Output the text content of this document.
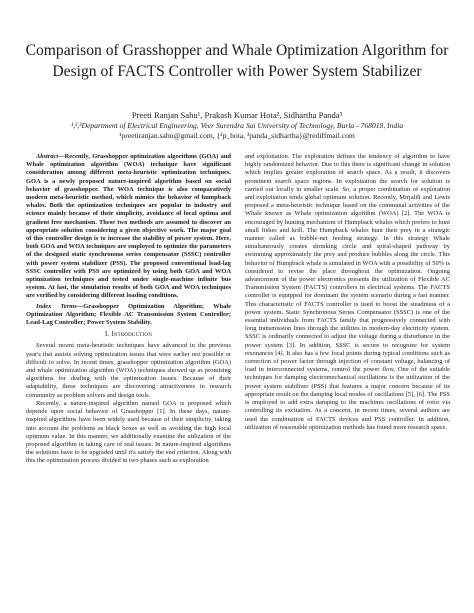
Comparison of Grasshopper and Whale Optimization Algorithm for Design of FACTS Controller with Power System Stabilizer
Preeti Ranjan Sahu¹, Prakash Kumar Hota², Sidhartha Panda³
¹,²,³Department of Electrical Engineering, Veer Surendra Sai University of Technology, Burla - 768018, India
¹preetiranjan.sahu@gmail.com, {²p_hota, ³panda_sidhartha}@rediffmail.com

Abstract—Recently, Grasshopper optimization algorithms (GOA) and Whale optimization algorithm (WOA) technique have significant consideration among different meta-heuristic optimization techniques. GOA is a newly proposed nature-inspired algorithm based on social behavior of grasshopper. The WOA technique is also comparatively modern meta-heuristic method, which mimics the behavior of humpback whales. Both the optimization techniques are popular in industry and science mainly because of their simplicity, avoidance of local optima and gradient free mechanism. These two methods are assumed to discover an appropriate solution considering a given objective work. The major goal of this controller design is to increase the stability of power system. Here, both GOA and WOA techniques are employed to optimize the parameters of the designed static synchronous series compensator (SSSC) controller with power system stabilizer (PSS). The proposed conventional lead-lag SSSC controller with PSS are optimized by using both GOA and WOA optimization techniques and tested under single-machine infinite bus system. At last, the simulation results of both GOA and WOA techniques are verified by considering different loading conditions.

Index Terms—Grasshopper Optimization Algorithm; Whale Optimization Algorithm; Flexible AC Transmission System Controller; Lead-Lag Controller; Power System Stability.

I. Introduction

Several recent meta-heuristic techniques have advanced in the previous year's that assists solving optimization issues that were earlier not possible or difficult to solve. In recent times, grasshopper optimization algorithm (GOA) and whale optimization algorithm (WOA) techniques showed up as promising algorithms for dealing with the optimization issues. Because of their adaptability, these techniques are discovering attractiveness in research community as problem solvers and design tools.

Recently, a nature-inspired algorithm named GOA is proposed which depends upon social behavior of Grasshopper [1]. In these days, nature-inspired algorithms have been widely used because of their simplicity, taking into account the problems as black boxes as well as avoiding the high local optimum value. In this manner, we additionally examine the utilization of the proposed algorithm in taking care of real issues. In nature-inspired algorithms the solutions have to be upgraded until it's satisfy the end criterion. Along with this the optimization process divided in two phases such as exploration

and exploitation. The exploration defines the tendency of algorithm to have highly randomized behavior. Due to this there is significant change in solution which implies greater exploration of search space. As a result, it discovers prominent search space regions. In exploitation the search for solution is carried out locally in smaller scale. So, a proper combination of exploration and exploitation tends global optimum solution. Recently, Mirjalili and Lewis proposed a meta-heuristic technique based on the communal activities of the Whale known as Whale optimization algorithm (WOA) [2]. The WOA is encouraged by hunting mechanism of Humpback whales which prefers to hunt small fishes and krill. The Humpback whales hunt their prey in a strategic manner called as bubble-net feeding strategy. In this strategy Whale simultaneously creates shrinking circle and spiral-shaped pathway by swimming approximately the prey and produce bubbles along the circle. This behavior of Humpback whale is simulated in WOA with a possibility of 50% is considered to revise the place throughout the optimization. Ongoing advancement of the power electronics presents the utilization of Flexible AC Transmission System (FACTS) controllers in electrical systems. The FACTS controller is equipped for dominant the system scenario during a fast manner. This characteristic of FACTS controller is used to boost the steadiness of a power system. Static Synchronous Series Compensator (SSSC) is one of the essential individuals from FACTS family that progressively connected with long transmission lines through the utilities in modern-day electricity system. SSSC is ordinarily connected to adjust the voltage during a disturbance in the power system [3]. In addition, SSSC is secure to recognize for system resonances [4]. It also has a few focal points during typical conditions such as correction of power factor through injection of constant voltage, balancing of load in interconnected systems, control the power flow. One of the suitable techniques for damping electromechanical oscillations is the utilization of the power system stabilizer (PSS) that features a major concern because of its appropriate result on the damping local modes of oscillations [5], [6]. The PSS is employed to add extra damping to the machines oscillations of rotor via controlling its excitation. As a concern, in recent times, several authors are used the combination of FACTS devices and PSS controller. In addition, utilization of reasonable optimization methods has found more research space.
